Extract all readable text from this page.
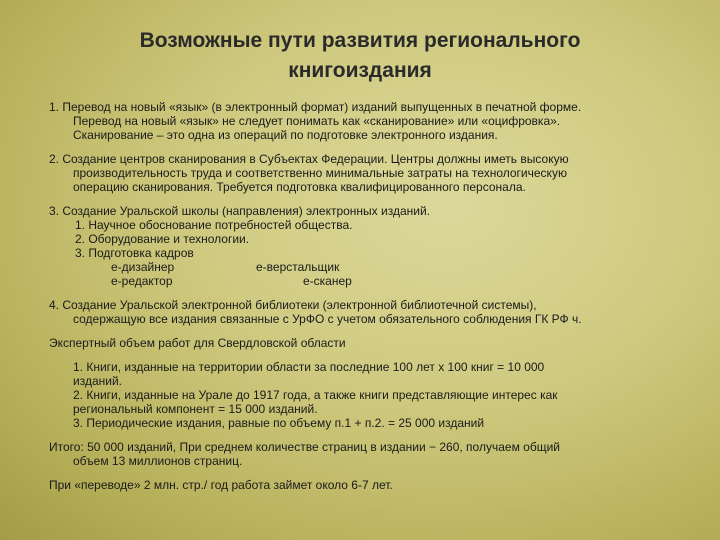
Возможные пути развития регионального
книгоиздания

1. Перевод на новый «язык» (в электронный формат) изданий выпущенных в печатной форме.

Перевод на новый «язык» не следует понимать как «сканирование» или «оцифровка».

Сканирование – это одна из операций по подготовке электронного издания.

2. Создание центров сканирования в Субъектах Федерации. Центры должны иметь высокую

производительность труда и соответственно минимальные затраты на технологическую

операцию сканирования. Требуется подготовка квалифицированного персонала.

3. Создание Уральской школы (направления) электронных изданий.

1. Научное обоснование потребностей общества.

2. Оборудование и технологии.

3. Подготовка кадров

е-дизайнер	е-верстальщик
е-редактор	е-сканер

4. Создание Уральской электронной библиотеки (электронной библиотечной системы),

содержащую все издания связанные с УрФО с учетом обязательного соблюдения ГК РФ ч.

Экспертный объем работ для Свердловской области

1. Книги, изданные на территории области за последние 100 лет х 100 книг = 10 000

изданий.

2. Книги, изданные на Урале до 1917 года, а также книги представляющие интерес как

региональный компонент = 15 000 изданий.

3. Периодические издания, равные по объему п.1 + п.2. = 25 000 изданий

Итого: 50 000 изданий, При среднем количестве страниц в издании − 260, получаем общий

объем 13 миллионов страниц.

При «переводе» 2 млн. стр./ год работа займет около 6-7 лет.
